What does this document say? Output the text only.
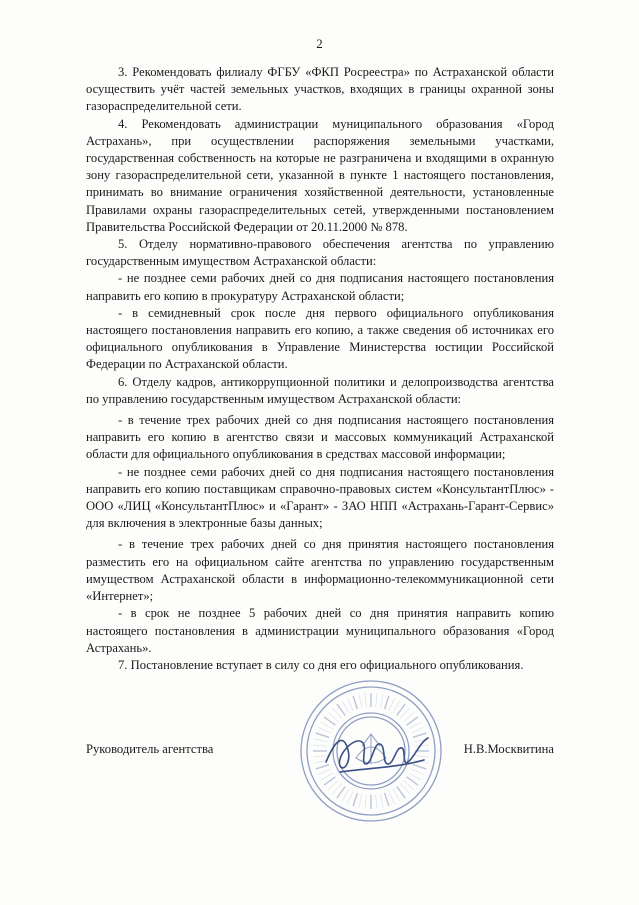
2

3. Рекомендовать филиалу ФГБУ «ФКП Росреестра» по Астраханской области осуществить учёт частей земельных участков, входящих в границы охранной зоны газораспределительной сети.

4. Рекомендовать администрации муниципального образования «Город Астрахань», при осуществлении распоряжения земельными участками, государственная собственность на которые не разграничена и входящими в охранную зону газораспределительной сети, указанной в пункте 1 настоящего постановления, принимать во внимание ограничения хозяйственной деятельности, установленные Правилами охраны газораспределительных сетей, утвержденными постановлением Правительства Российской Федерации от 20.11.2000 № 878.

5. Отделу нормативно-правового обеспечения агентства по управлению государственным имуществом Астраханской области:

- не позднее семи рабочих дней со дня подписания настоящего постановления направить его копию в прокуратуру Астраханской области;

- в семидневный срок после дня первого официального опубликования настоящего постановления направить его копию, а также сведения об источниках его официального опубликования в Управление Министерства юстиции Российской Федерации по Астраханской области.

6. Отделу кадров, антикоррупционной политики и делопроизводства агентства по управлению государственным имуществом Астраханской области:

- в течение трех рабочих дней со дня подписания настоящего постановления направить его копию в агентство связи и массовых коммуникаций Астраханской области для официального опубликования в средствах массовой информации;

- не позднее семи рабочих дней со дня подписания настоящего постановления направить его копию поставщикам справочно-правовых систем «КонсультантПлюс» - ООО «ЛИЦ «КонсультантПлюс» и «Гарант» - ЗАО НПП «Астрахань-Гарант-Сервис» для включения в электронные базы данных;

- в течение трех рабочих дней со дня принятия настоящего постановления разместить его на официальном сайте агентства по управлению государственным имуществом Астраханской области в информационно-телекоммуникационной сети «Интернет»;

- в срок не позднее 5 рабочих дней со дня принятия направить копию настоящего постановления в администрации муниципального образования «Город Астрахань».

7. Постановление вступает в силу со дня его официального опубликования.

Руководитель агентства	Н.В.Москвитина
